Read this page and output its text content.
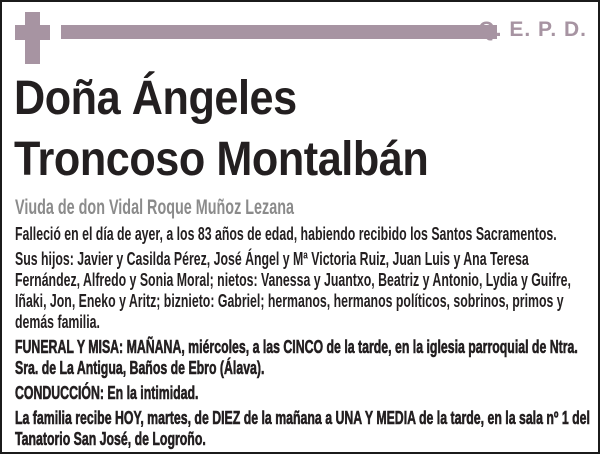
Q. E. P. D.
Doña Ángeles
Troncoso Montalbán
Viuda de don Vidal Roque Muñoz Lezana

Falleció en el día de ayer, a los 83 años de edad, habiendo recibido los Santos Sacramentos.

Sus hijos: Javier y Casilda Pérez, José Ángel y Mª Victoria Ruiz, Juan Luis y Ana Teresa Fernández, Alfredo y Sonia Moral; nietos: Vanessa y Juantxo, Beatriz y Antonio, Lydia y Guifre, Iñaki, Jon, Eneko y Aritz; biznieto: Gabriel; hermanos, hermanos políticos, sobrinos, primos y demás familia.

FUNERAL Y MISA: MAÑANA, miércoles, a las CINCO de la tarde, en la iglesia parroquial de Ntra. Sra. de La Antigua, Baños de Ebro (Álava).

CONDUCCIÓN: En la intimidad.

La familia recibe HOY, martes, de DIEZ de la mañana a UNA Y MEDIA de la tarde, en la sala nº 1 del Tanatorio San José, de Logroño.
